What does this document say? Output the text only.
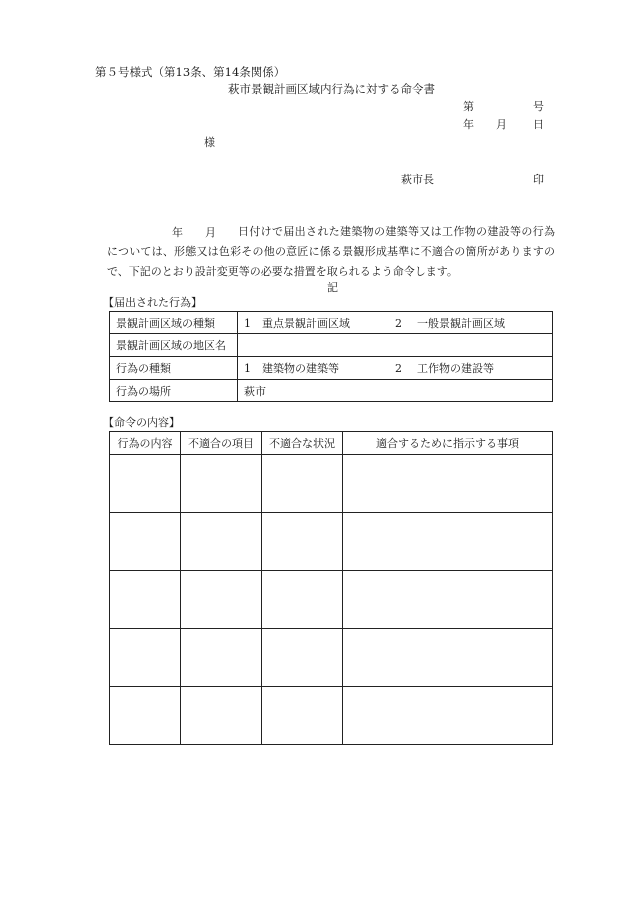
第５号様式（第13条、第14条関係）
萩市景観計画区域内行為に対する命令書
第	号
年 月 日
様
萩市長	印
年 月	日付けで届出された建築物の建築等又は工作物の建設等の行為については、形態又は色彩その他の意匠に係る景観形成基準に不適合の箇所がありますので、下記のとおり設計変更等の必要な措置を取られるよう命令します。
記
【届出された行為】
景観計画区域の種類	1 重点景観計画区域 2 一般景観計画区域
景観計画区域の地区名	
行為の種類	1 建築物の建築等 2 工作物の建設等
行為の場所	萩市
【命令の内容】
行為の内容	不適合の項目	不適合な状況	適合するために指示する事項
